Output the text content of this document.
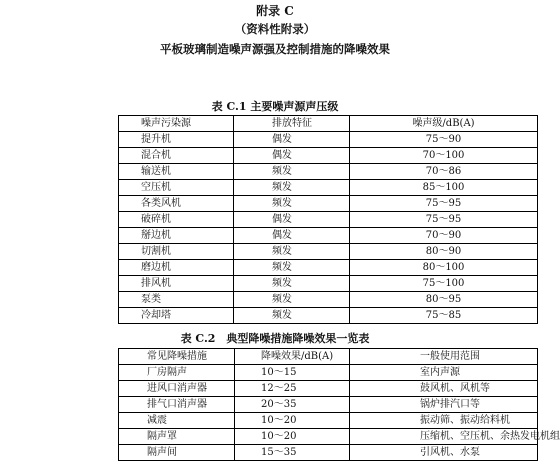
附录 C
（资料性附录）
平板玻璃制造噪声源强及控制措施的降噪效果
表 C.1 主要噪声源声压级
噪声污染源	排放特征	噪声级/dB(A)
提升机	偶发	75～90
混合机	偶发	70～100
输送机	频发	70～86
空压机	频发	85～100
各类风机	频发	75～95
破碎机	偶发	75～95
掰边机	偶发	70～90
切割机	频发	80～90
磨边机	频发	80～100
排风机	频发	75～100
泵类	频发	80～95
冷却塔	频发	75～85
表 C.2　典型降噪措施降噪效果一览表
常见降噪措施	降噪效果/dB(A)	一般使用范围
厂房隔声	10～15	室内声源
进风口消声器	12～25	鼓风机、风机等
排气口消声器	20～35	锅炉排汽口等
减震	10～20	振动筛、振动给料机
隔声罩	10～20	压缩机、空压机、余热发电机组
隔声间	15～35	引风机、水泵
